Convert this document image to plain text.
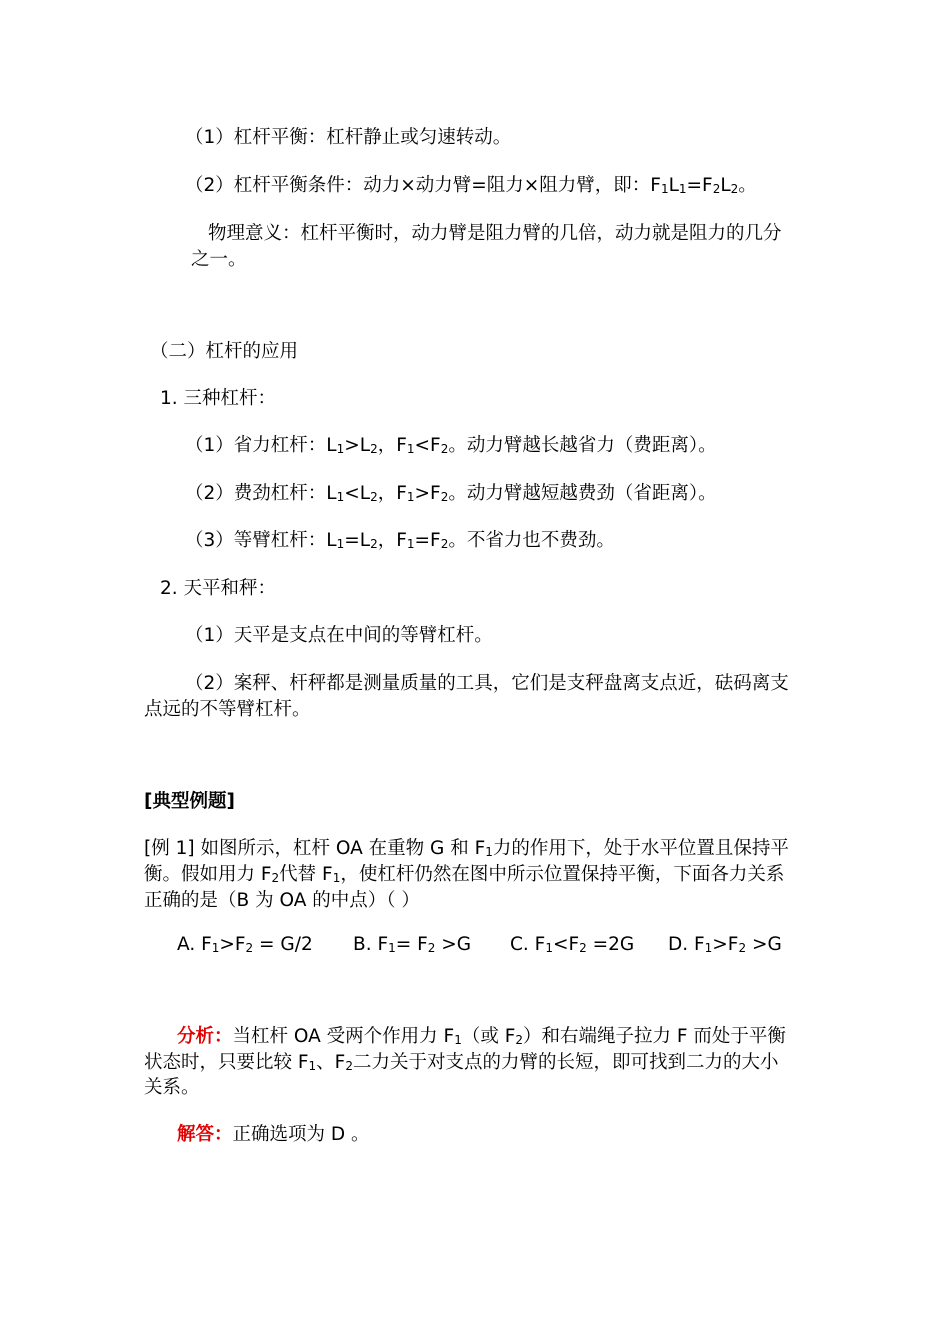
（1）杠杆平衡：杠杆静止或匀速转动。
（2）杠杆平衡条件：动力×动力臂=阻力×阻力臂，即：$F_1L_1=F_2L_2$。
物理意义：杠杆平衡时，动力臂是阻力臂的几倍，动力就是阻力的几分
之一。
（二）杠杆的应用
1. 三种杠杆：
（1）省力杠杆：$L_1>L_2$，$F_1<F_2$。动力臂越长越省力（费距离）。
（2）费劲杠杆：$L_1<L_2$，$F_1>F_2$。动力臂越短越费劲（省距离）。
（3）等臂杠杆：$L_1=L_2$，$F_1=F_2$。不省力也不费劲。
2. 天平和秤：
（1）天平是支点在中间的等臂杠杆。
（2）案秤、杆秤都是测量质量的工具，它们是支秤盘离支点近，砝码离支
点远的不等臂杠杆。
[典型例题]
[例 1] 如图所示，杠杆 OA 在重物 G 和 $F_1$力的作用下，处于水平位置且保持平
衡。假如用力 $F_2$代替 $F_1$，使杠杆仍然在图中所示位置保持平衡，下面各力关系
正确的是（B 为 OA 的中点）（ ）
A. $F_1>F_2 = G/2$ B. $F_1= F_2 >G$ C. $F_1<F_2 =2G$ D. $F_1>F_2 >G$
分析：当杠杆 OA 受两个作用力 $F_1$（或 $F_2$）和右端绳子拉力 F 而处于平衡
状态时，只要比较 $F_1$、$F_2$二力关于对支点的力臂的长短，即可找到二力的大小
关系。
解答：正确选项为 D 。
